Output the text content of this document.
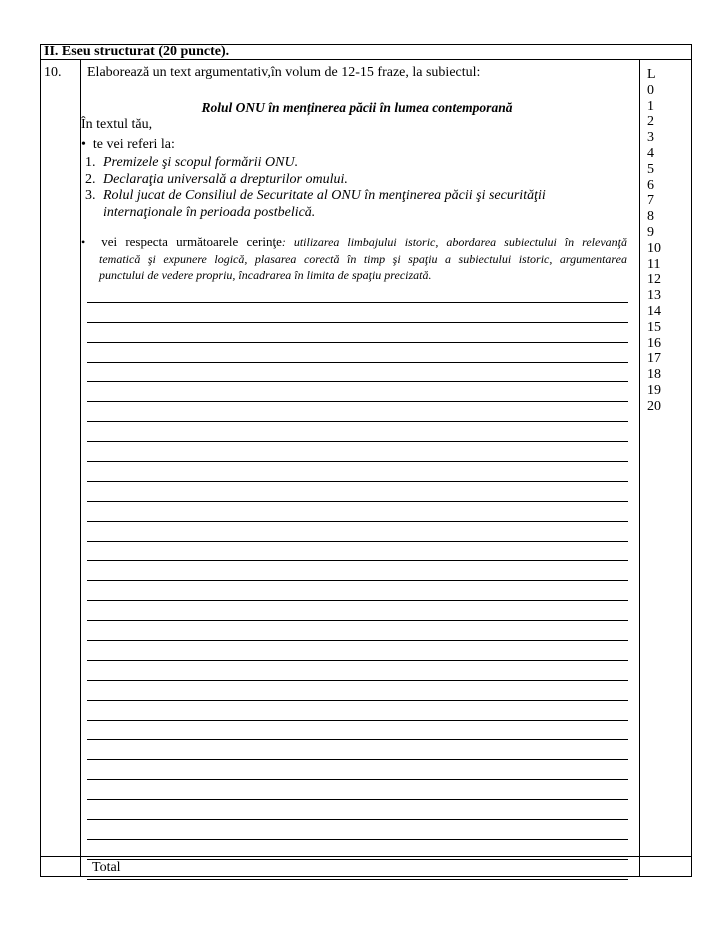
II. Eseu structurat (20 puncte).
10. Elaborează un text argumentativ,în volum de 12-15 fraze, la subiectul:
Rolul ONU în menținerea păcii în lumea contemporană
În textul tău,
•  te vei referi la:
1. Premizele şi scopul formării ONU.
2. Declaraţia universală a drepturilor omului.
3. Rolul jucat de Consiliul de Securitate al ONU în menţinerea păcii şi securităţii internaţionale în perioada postbelică.
•  vei respecta următoarele cerinţe: utilizarea limbajului istoric, abordarea subiectului în relevanţă
tematică şi expunere logică, plasarea corectă în timp şi spaţiu a subiectului istoric, argumentarea
punctului de vedere propriu, încadrarea în limita de spaţiu precizată.
L
0
1
2
3
4
5
6
7
8
9
10
11
12
13
14
15
16
17
18
19
20
Total
